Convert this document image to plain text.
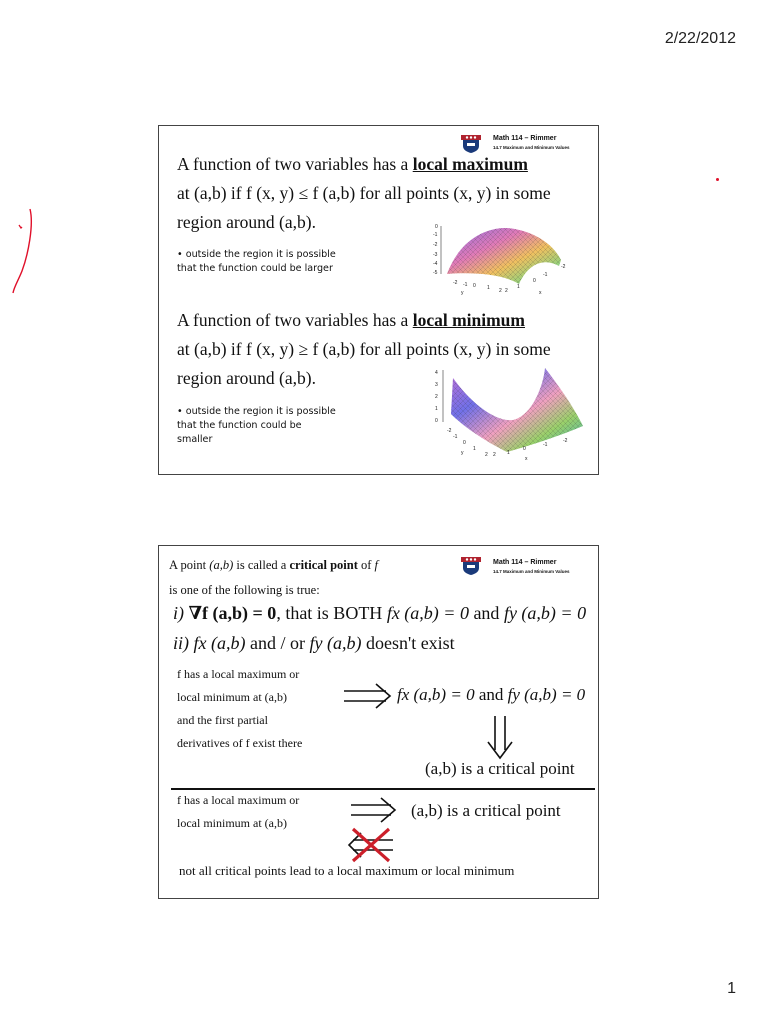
2/22/2012
Math 114 – Rimmer
14.7 Maximum and Minimum Values
A function of two variables has a local maximum
at (a,b) if f (x, y) ≤ f (a,b) for all points (x, y) in some
region around (a,b).
• outside the region it is possible that the function could be larger
0
-1
-2
-3
-4
-5
y
-2 -1 0 1 2 2
1
0
-1
-2
x
A function of two variables has a local minimum
at (a,b) if f (x, y) ≥ f (a,b) for all points (x, y) in some
region around (a,b).
• outside the region it is possible that the function could be smaller
4
3
2
1
0
-2
-1
0
1
y	2 2 1
0
-1
-2
x
Math 114 – Rimmer
14.7 Maximum and Minimum Values
A point (a,b) is called a critical point of f
is one of the following is true:
i) ∇f (a,b) = 0, that is BOTH fx (a,b) = 0 and fy (a,b) = 0
ii) fx (a,b) and / or fy (a,b) doesn't exist
f has a local maximum or
local minimum at (a,b)
and the first partial
derivatives of f exist there
fx (a,b) = 0 and fy (a,b) = 0
(a,b) is a critical point
f has a local maximum or
local minimum at (a,b)
(a,b) is a critical point
not all critical points lead to a local maximum or local minimum
1
